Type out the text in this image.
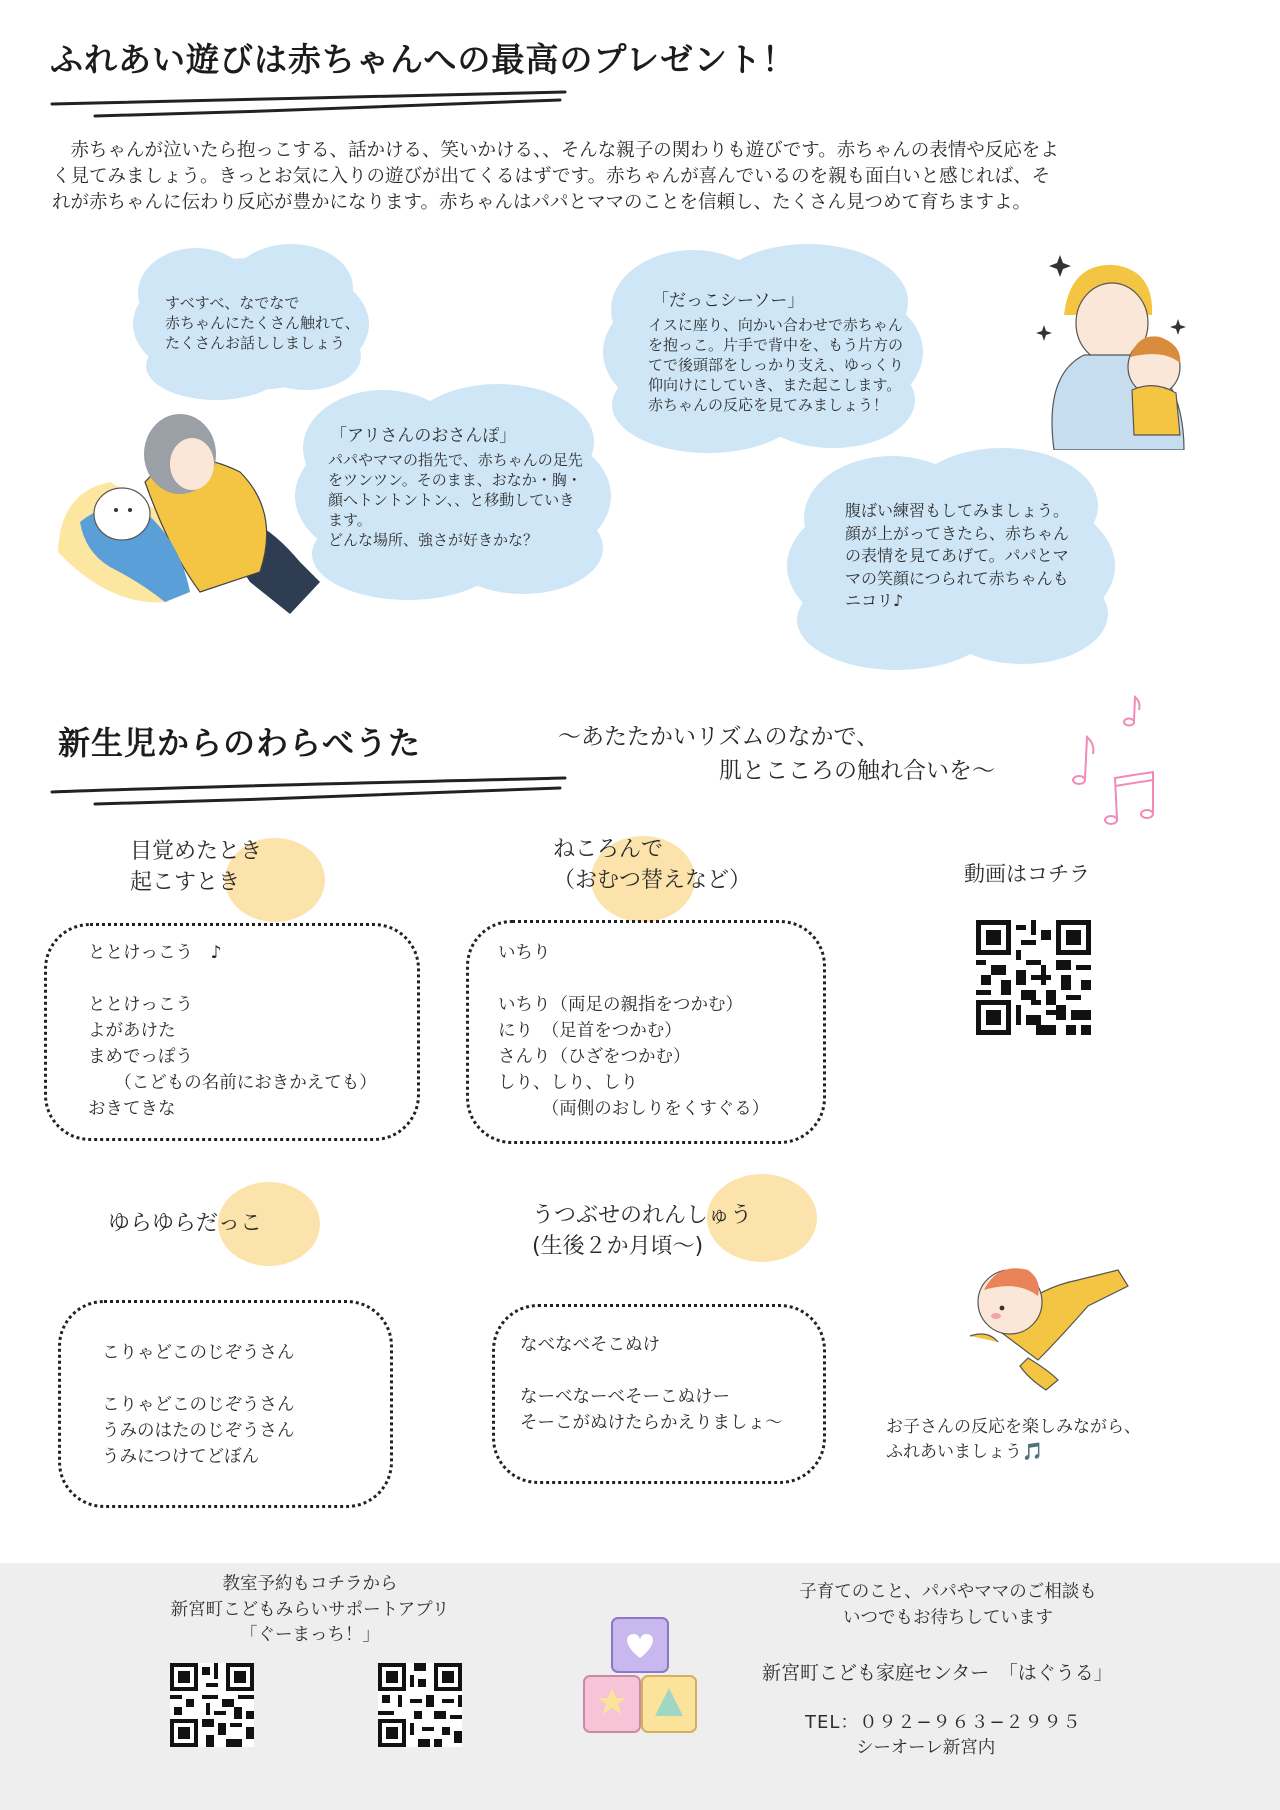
ふれあい遊びは赤ちゃんへの最高のプレゼント！

　赤ちゃんが泣いたら抱っこする、話かける、笑いかける、、そんな親子の関わりも遊びです。赤ちゃんの表情や反応をよく見てみましょう。きっとお気に入りの遊びが出てくるはずです。赤ちゃんが喜んでいるのを親も面白いと感じれば、それが赤ちゃんに伝わり反応が豊かになります。赤ちゃんはパパとママのことを信頼し、たくさん見つめて育ちますよ。

すべすべ、なでなで
赤ちゃんにたくさん触れて、
たくさんお話ししましょう
「アリさんのおさんぽ」
パパやママの指先で、赤ちゃんの足先
をツンツン。そのまま、おなか・胸・
顔へトントントン、、と移動していき
ます。
どんな場所、強さが好きかな？
「だっこシーソー」
イスに座り、向かい合わせで赤ちゃん
を抱っこ。片手で背中を、もう片方の
てで後頭部をしっかり支え、ゆっくり
仰向けにしていき、また起こします。
赤ちゃんの反応を見てみましょう！
腹ばい練習もしてみましょう。
顔が上がってきたら、赤ちゃん
の表情を見てあげて。パパとマ
マの笑顔につられて赤ちゃんも
ニコリ♪
新生児からのわらべうた	～あたたかいリズムのなかで、
　　　　　　　肌とこころの触れ合いを～
目覚めたとき
起こすとき
ととけっこう　♪

ととけっこう
よがあけた
まめでっぽう
　　（こどもの名前におきかえても）
おきてきな
ねころんで
（おむつ替えなど）
いちり

いちり（両足の親指をつかむ）
にり　（足首をつかむ）
さんり（ひざをつかむ）
しり、しり、しり
　　　（両側のおしりをくすぐる）
動画はコチラ
ゆらゆらだっこ
こりゃどこのじぞうさん

こりゃどこのじぞうさん
うみのはたのじぞうさん
うみにつけてどぼん
うつぶせのれんしゅう
(生後２か月頃～)
なべなべそこぬけ

なーべなーべそーこぬけー
そーこがぬけたらかえりましょ～	お子さんの反応を楽しみながら、
ふれあいましょう🎵
教室予約もコチラから
新宮町こどもみらいサポートアプリ
「ぐーまっち！」
子育てのこと、パパやママのご相談も
いつでもお待ちしています
新宮町こども家庭センター　「はぐうる」
TEL：０９２−９６３−２９９５
シーオーレ新宮内
